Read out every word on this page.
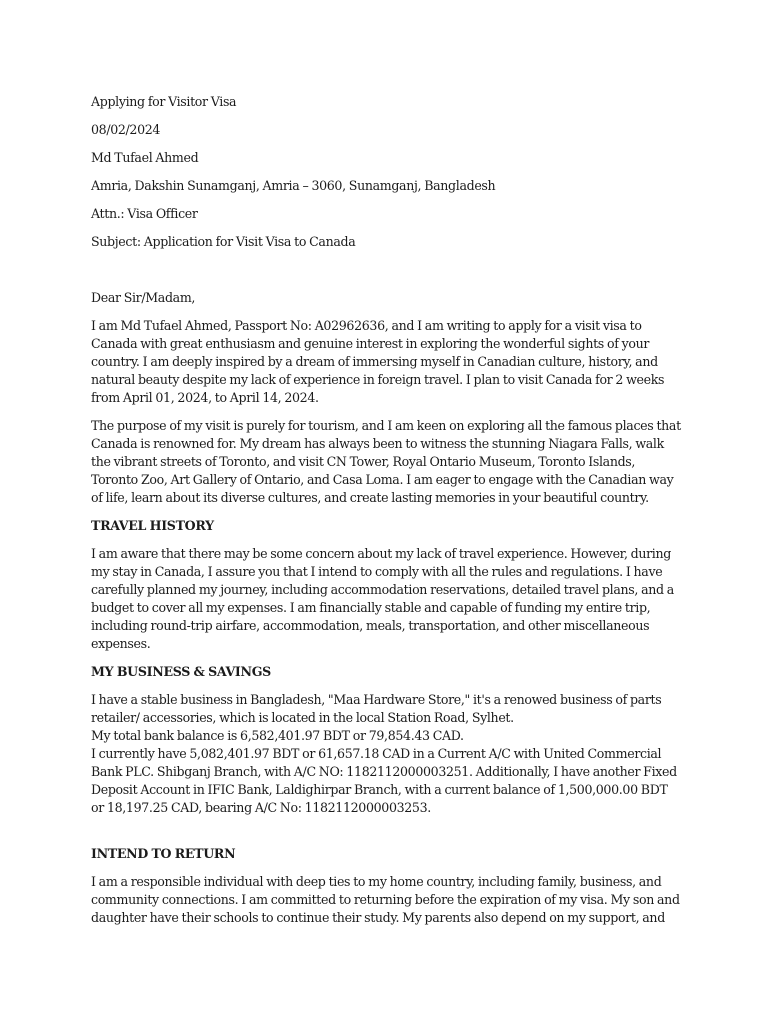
Applying for Visitor Visa

08/02/2024

Md Tufael Ahmed

Amria, Dakshin Sunamganj, Amria – 3060, Sunamganj, Bangladesh

Attn.: Visa Officer

Subject: Application for Visit Visa to Canada

Dear Sir/Madam,

I am Md Tufael Ahmed, Passport No: A02962636, and I am writing to apply for a visit visa to Canada with great enthusiasm and genuine interest in exploring the wonderful sights of your country. I am deeply inspired by a dream of immersing myself in Canadian culture, history, and natural beauty despite my lack of experience in foreign travel. I plan to visit Canada for 2 weeks from April 01, 2024, to April 14, 2024.

The purpose of my visit is purely for tourism, and I am keen on exploring all the famous places that Canada is renowned for. My dream has always been to witness the stunning Niagara Falls, walk the vibrant streets of Toronto, and visit CN Tower, Royal Ontario Museum, Toronto Islands, Toronto Zoo, Art Gallery of Ontario, and Casa Loma. I am eager to engage with the Canadian way of life, learn about its diverse cultures, and create lasting memories in your beautiful country.

TRAVEL HISTORY

I am aware that there may be some concern about my lack of travel experience. However, during my stay in Canada, I assure you that I intend to comply with all the rules and regulations. I have carefully planned my journey, including accommodation reservations, detailed travel plans, and a budget to cover all my expenses. I am financially stable and capable of funding my entire trip, including round-trip airfare, accommodation, meals, transportation, and other miscellaneous expenses.

MY BUSINESS & SAVINGS

I have a stable business in Bangladesh, "Maa Hardware Store," it's a renowed business of parts retailer/ accessories, which is located in the local Station Road, Sylhet.

My total bank balance is 6,582,401.97 BDT or 79,854.43 CAD.

I currently have 5,082,401.97 BDT or 61,657.18 CAD in a Current A/C with United Commercial Bank PLC. Shibganj Branch, with A/C NO: 1182112000003251. Additionally, I have another Fixed Deposit Account in IFIC Bank, Laldighirpar Branch, with a current balance of 1,500,000.00 BDT or 18,197.25 CAD, bearing A/C No: 1182112000003253.

INTEND TO RETURN

I am a responsible individual with deep ties to my home country, including family, business, and community connections. I am committed to returning before the expiration of my visa. My son and daughter have their schools to continue their study. My parents also depend on my support, and
